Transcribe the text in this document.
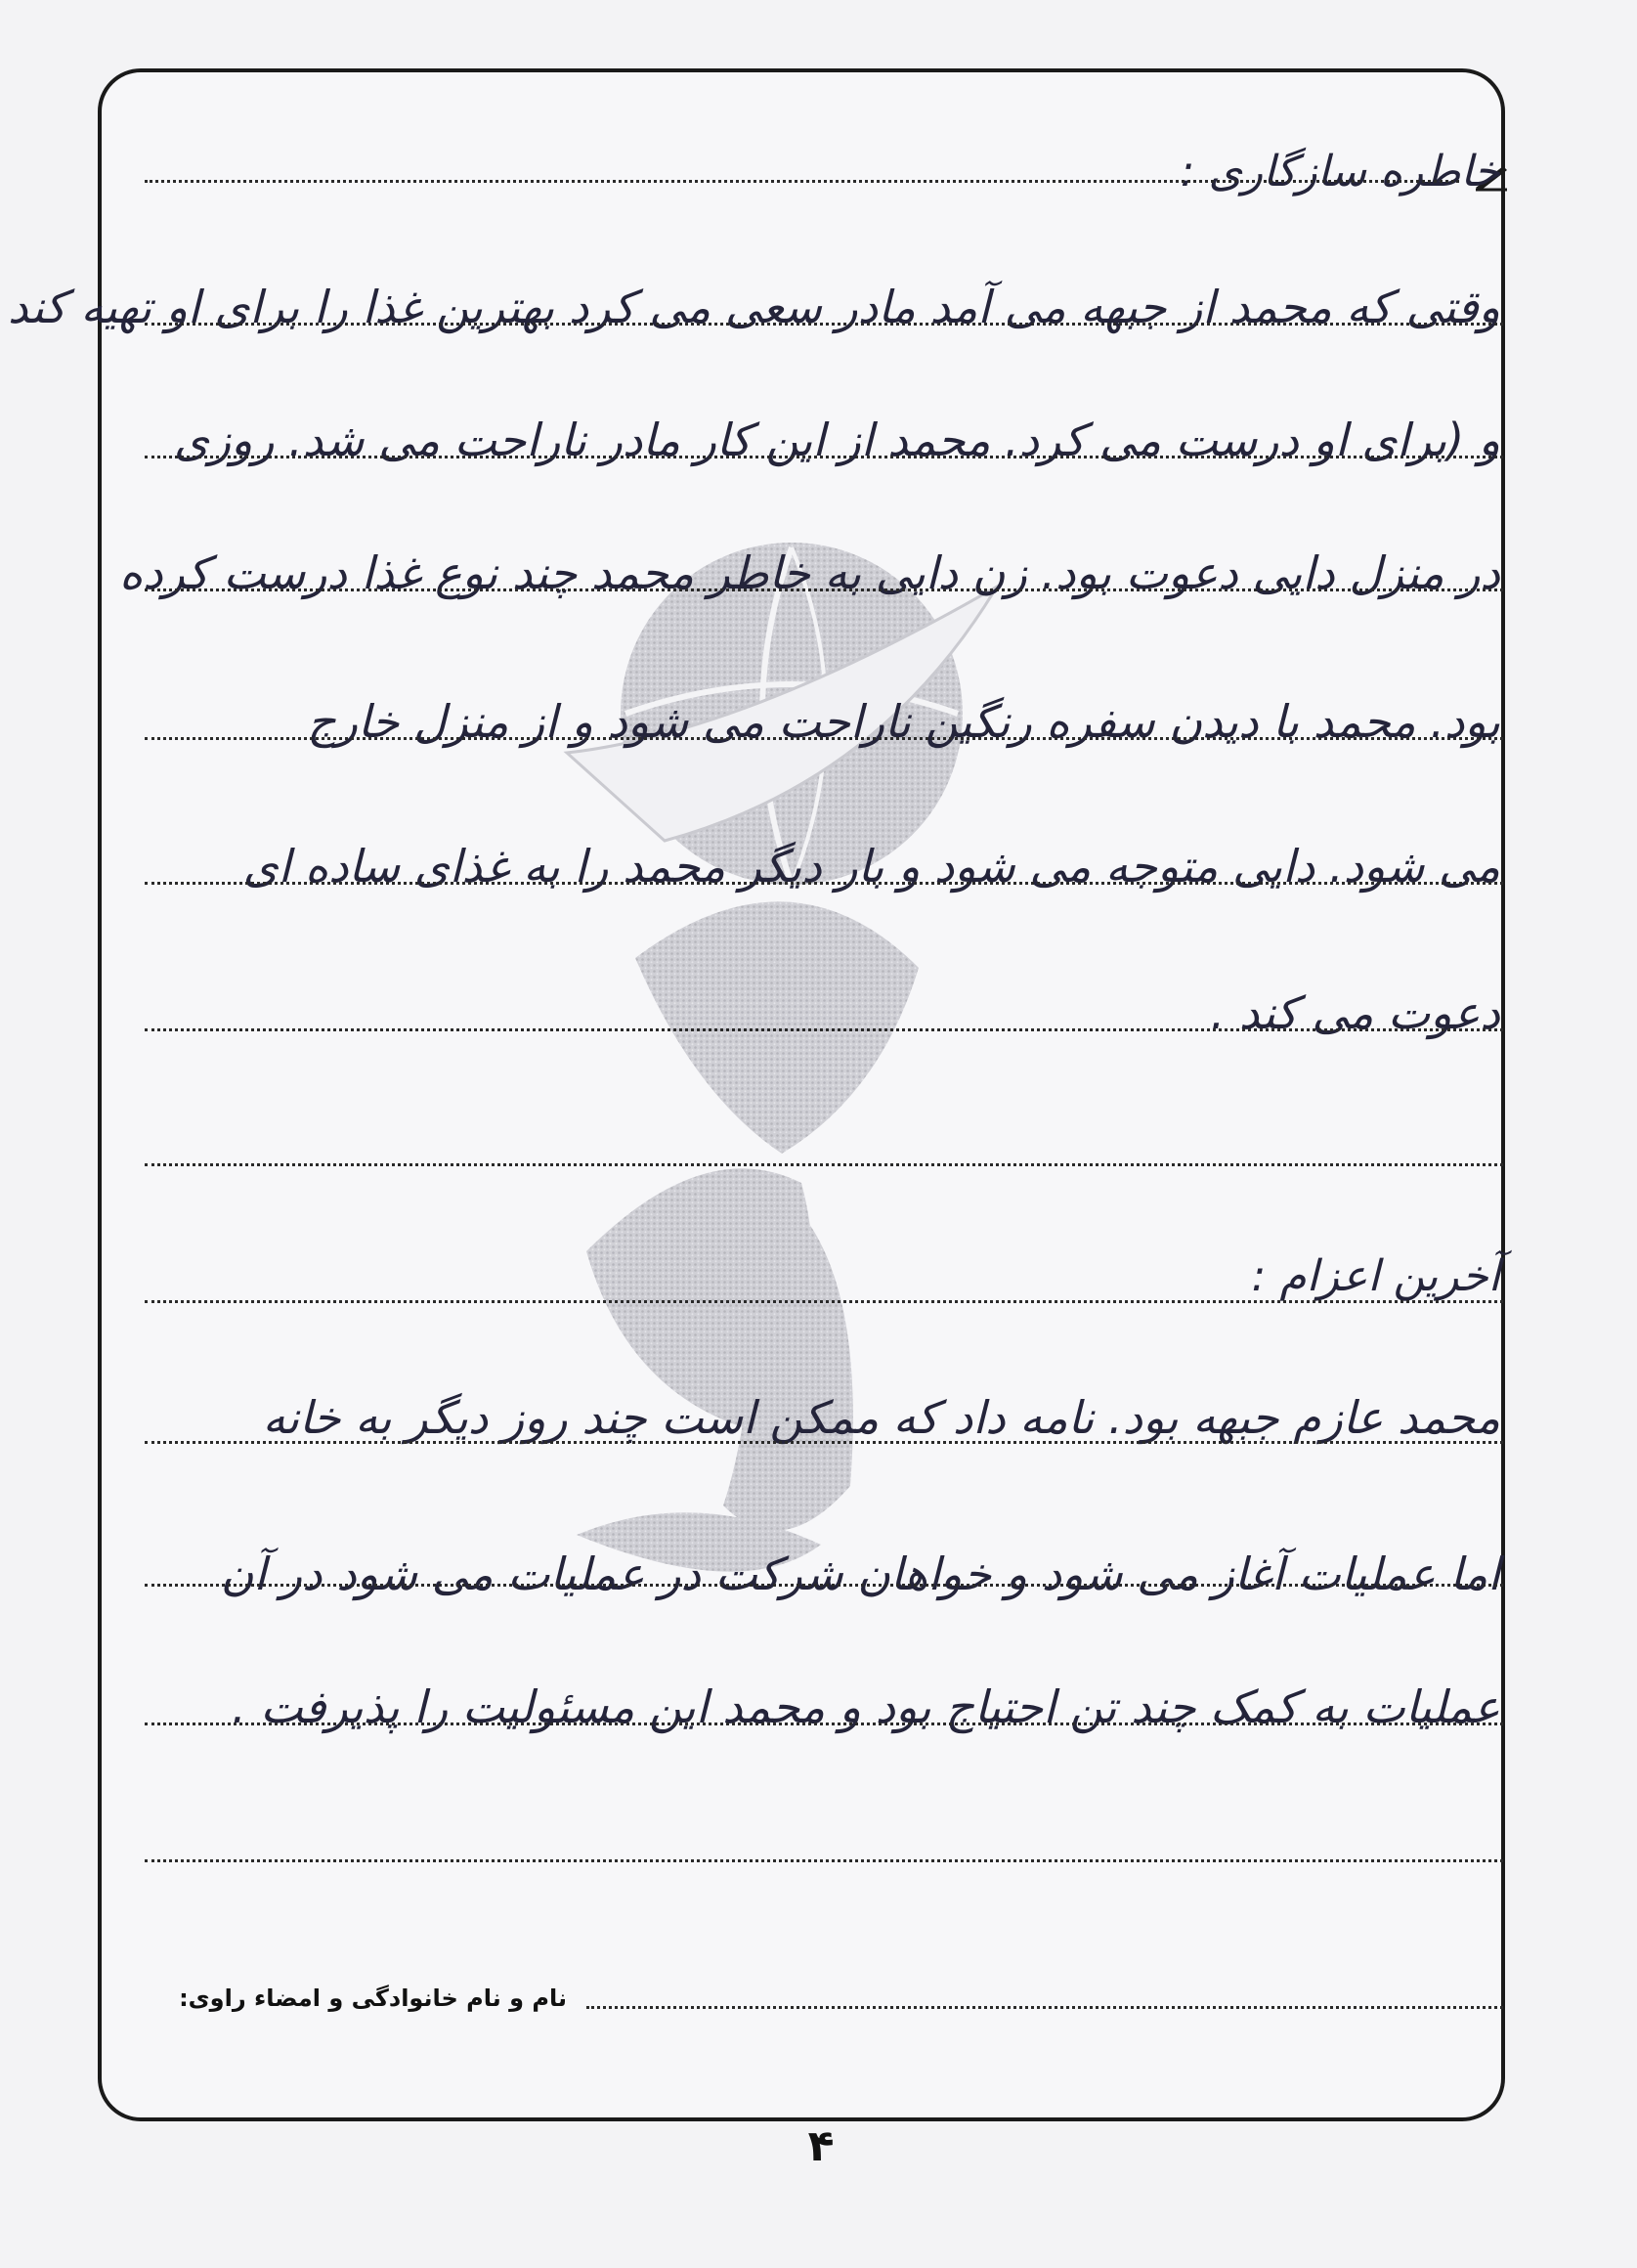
خاطره سازگاری :
وقتی که محمد از جبهه می آمد مادر سعی می کرد بهترین غذا را برای او تهیه کند
و (برای او درست می کرد. محمد از این کار مادر ناراحت می شد. روزی
در منزل دایی دعوت بود. زن دایی به خاطر محمد چند نوع غذا درست کرده
بود. محمد با دیدن سفره رنگین ناراحت می شود و از منزل خارج
می شود. دایی متوجه می شود و بار دیگر محمد را به غذای ساده ای
دعوت می کند .
آخرین اعزام :
محمد عازم جبهه بود. نامه داد که ممکن است چند روز دیگر به خانه
اما عملیات آغاز می شود و خواهان شرکت در عملیات می شود در آن
عملیات به کمک چند تن احتیاج بود و محمد این مسئولیت را پذیرفت .
نام و نام خانوادگی و امضاء راوی:
۴
